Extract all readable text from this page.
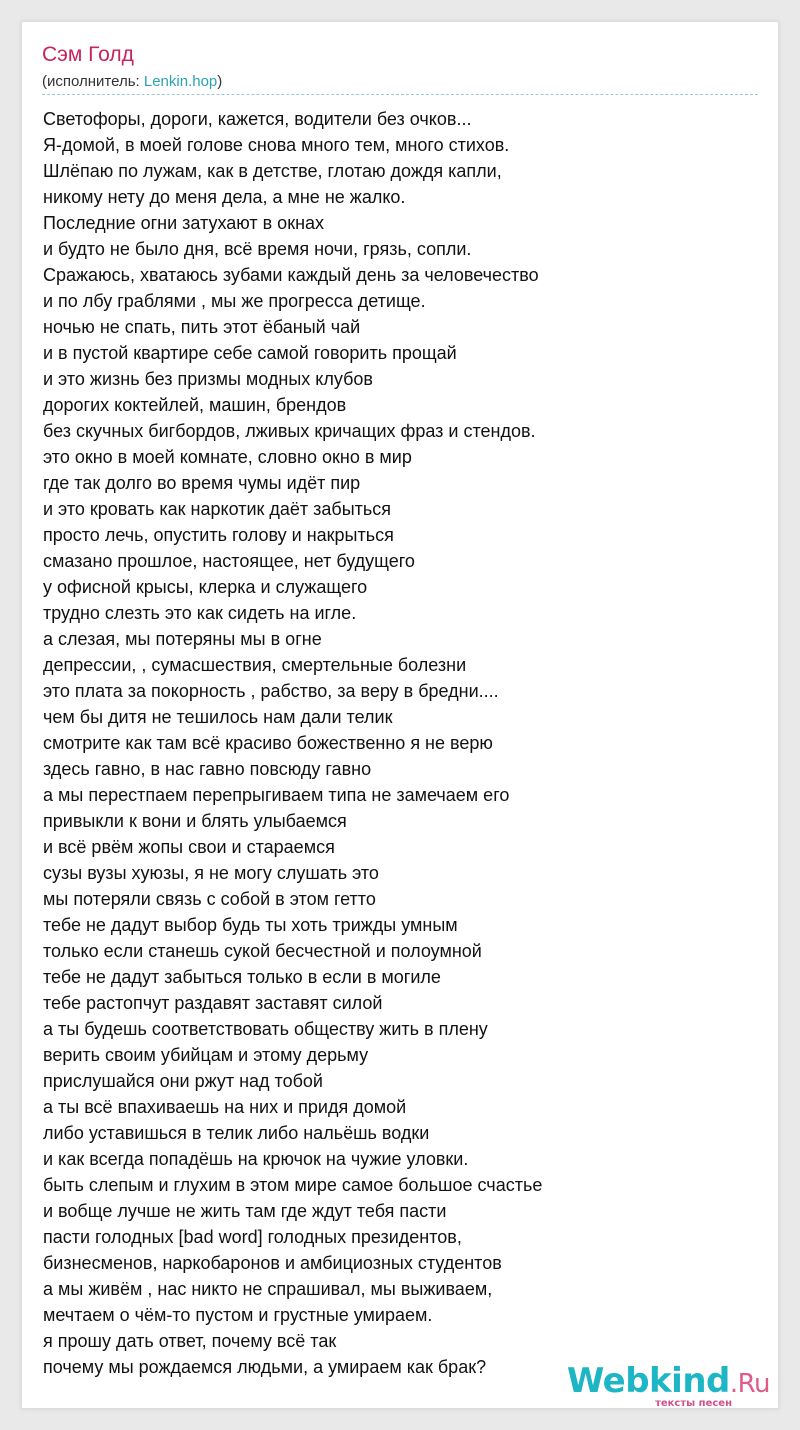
Сэм Голд
(исполнитель: Lenkin.hop)
Светофоры, дороги, кажется, водители без очков...
Я-домой, в моей голове снова много тем, много стихов.
Шлёпаю по лужам, как в детстве, глотаю дождя капли,
никому нету до меня дела, а мне не жалко.
Последние огни затухают в окнах
и будто не было дня, всё время ночи, грязь, сопли.
Сражаюсь, хватаюсь зубами каждый день за человечество
и по лбу граблями , мы же прогресса детище.
ночью не спать, пить этот ёбаный чай
и в пустой квартире себе самой говорить прощай
и это жизнь без призмы модных клубов
дорогих коктейлей, машин, брендов
без скучных бигбордов, лживых кричащих фраз и стендов.
это окно в моей комнате, словно окно в мир
где так долго во время чумы идёт пир
и это кровать как наркотик даёт забыться
просто лечь, опустить голову и накрыться
смазано прошлое, настоящее, нет будущего
у офисной крысы, клерка и служащего
трудно слезть это как сидеть на игле.
а слезая, мы потеряны мы в огне
депрессии, , сумасшествия, смертельные болезни
это плата за покорность , рабство, за веру в бредни....
чем бы дитя не тешилось нам дали телик
смотрите как там всё красиво божественно я не верю
здесь гавно, в нас гавно повсюду гавно
а мы перестпаем перепрыгиваем типа не замечаем его
привыкли к вони и блять улыбаемся
и всё рвём жопы свои и стараемся
сузы вузы хуюзы, я не могу слушать это
мы потеряли связь с собой в этом гетто
тебе не дадут выбор будь ты хоть трижды умным
только если станешь сукой бесчестной и полоумной
тебе не дадут забыться только в если в могиле
тебе растопчут раздавят заставят силой
а ты будешь соответствовать обществу жить в плену
верить своим убийцам и этому дерьму
прислушайся они ржут над тобой
а ты всё впахиваешь на них и придя домой
либо уставишься в телик либо нальёшь водки
и как всегда попадёшь на крючок на чужие уловки.
быть слепым и глухим в этом мире самое большое счастье
и вобще лучше не жить там где ждут тебя пасти
пасти голодных [bad word] голодных президентов,
бизнесменов, наркобаронов и амбициозных студентов
а мы живём , нас никто не спрашивал, мы выживаем,
мечтаем о чём-то пустом и грустные умираем.
я прошу дать ответ, почему всё так
почему мы рождаемся людьми, а умираем как брак?	Webkind.Ru
тексты песен
